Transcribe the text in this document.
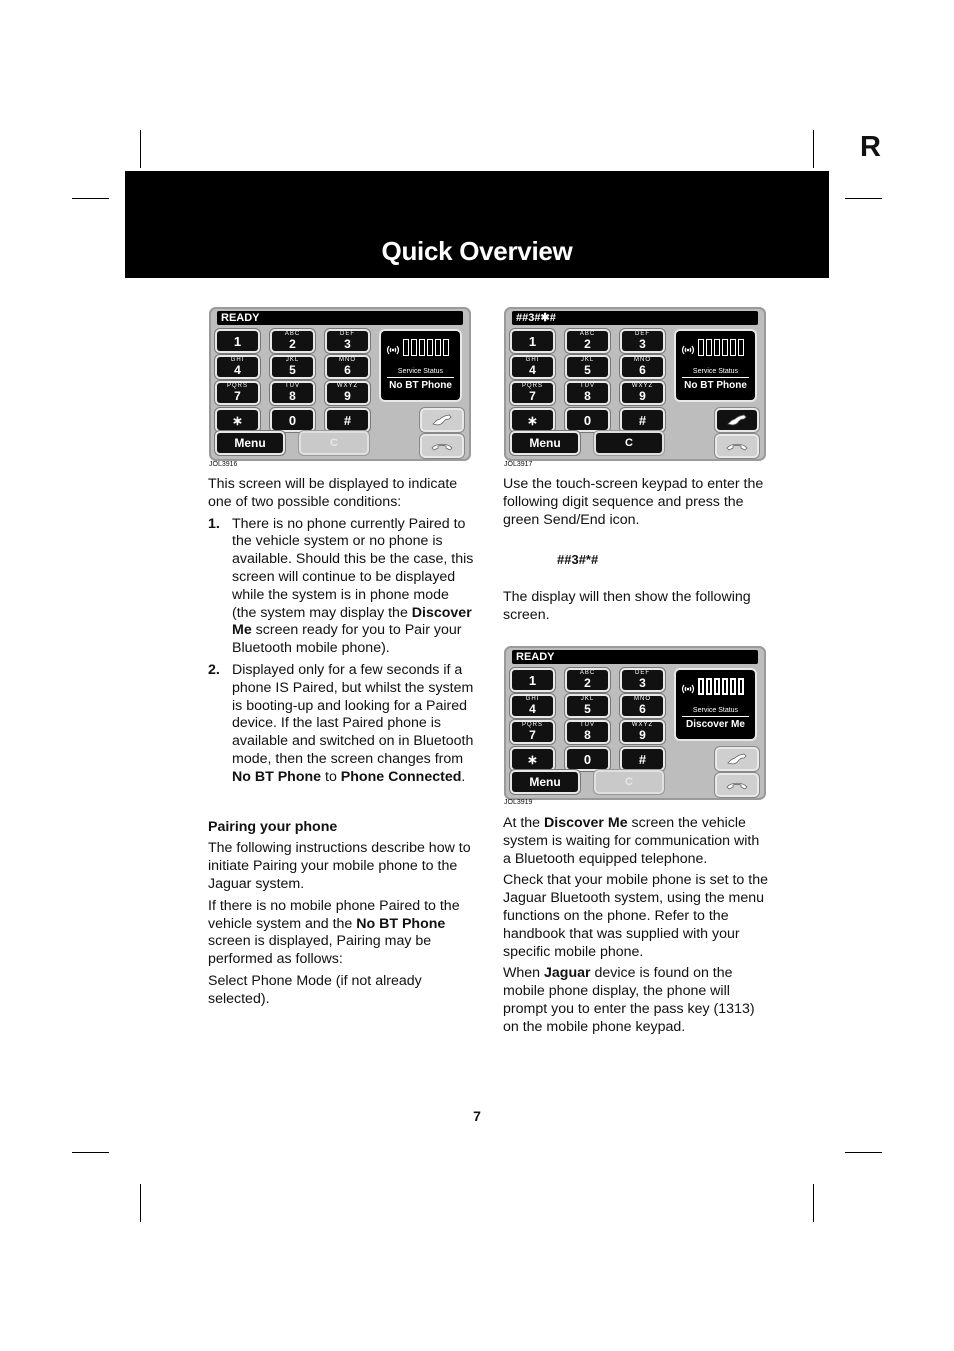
R
Quick Overview
READY
1	ABC
2
DEF
3
GHI
4
JKL
5
MNO
6
PQRS
7
TUV
8
WXYZ
9
∗	0	#
Menu	C
Service Status
No BT Phone
JOL3916
##3#✱#
1	ABC
2
DEF
3
GHI
4
JKL
5
MNO
6
PQRS
7
TUV
8
WXYZ
9
∗	0	#
Menu	C
Service Status
No BT Phone
JOL3917
READY
1	ABC
2
DEF
3
GHI
4
JKL
5
MNO
6
PQRS
7
TUV
8
WXYZ
9
∗	0	#
Menu	C
Service Status
Discover Me
JOL3919

This screen will be displayed to indicate one of two possible conditions:

1. There is no phone currently Paired to the vehicle system or no phone is available. Should this be the case, this screen will continue to be displayed while the system is in phone mode (the system may display the Discover Me screen ready for you to Pair your Bluetooth mobile phone).
2. Displayed only for a few seconds if a phone IS Paired, but whilst the system is booting-up and looking for a Paired device. If the last Paired phone is available and switched on in Bluetooth mode, then the screen changes from No BT Phone to Phone Connected.

Pairing your phone

The following instructions describe how to initiate Pairing your mobile phone to the Jaguar system.

If there is no mobile phone Paired to the vehicle system and the No BT Phone screen is displayed, Pairing may be performed as follows:

Select Phone Mode (if not already selected).

Use the touch-screen keypad to enter the following digit sequence and press the green Send/End icon.

##3#*#

The display will then show the following screen.

At the Discover Me screen the vehicle system is waiting for communication with a Bluetooth equipped telephone.

Check that your mobile phone is set to the Jaguar Bluetooth system, using the menu functions on the phone. Refer to the handbook that was supplied with your specific mobile phone.

When Jaguar device is found on the mobile phone display, the phone will prompt you to enter the pass key (1313) on the mobile phone keypad.

7
